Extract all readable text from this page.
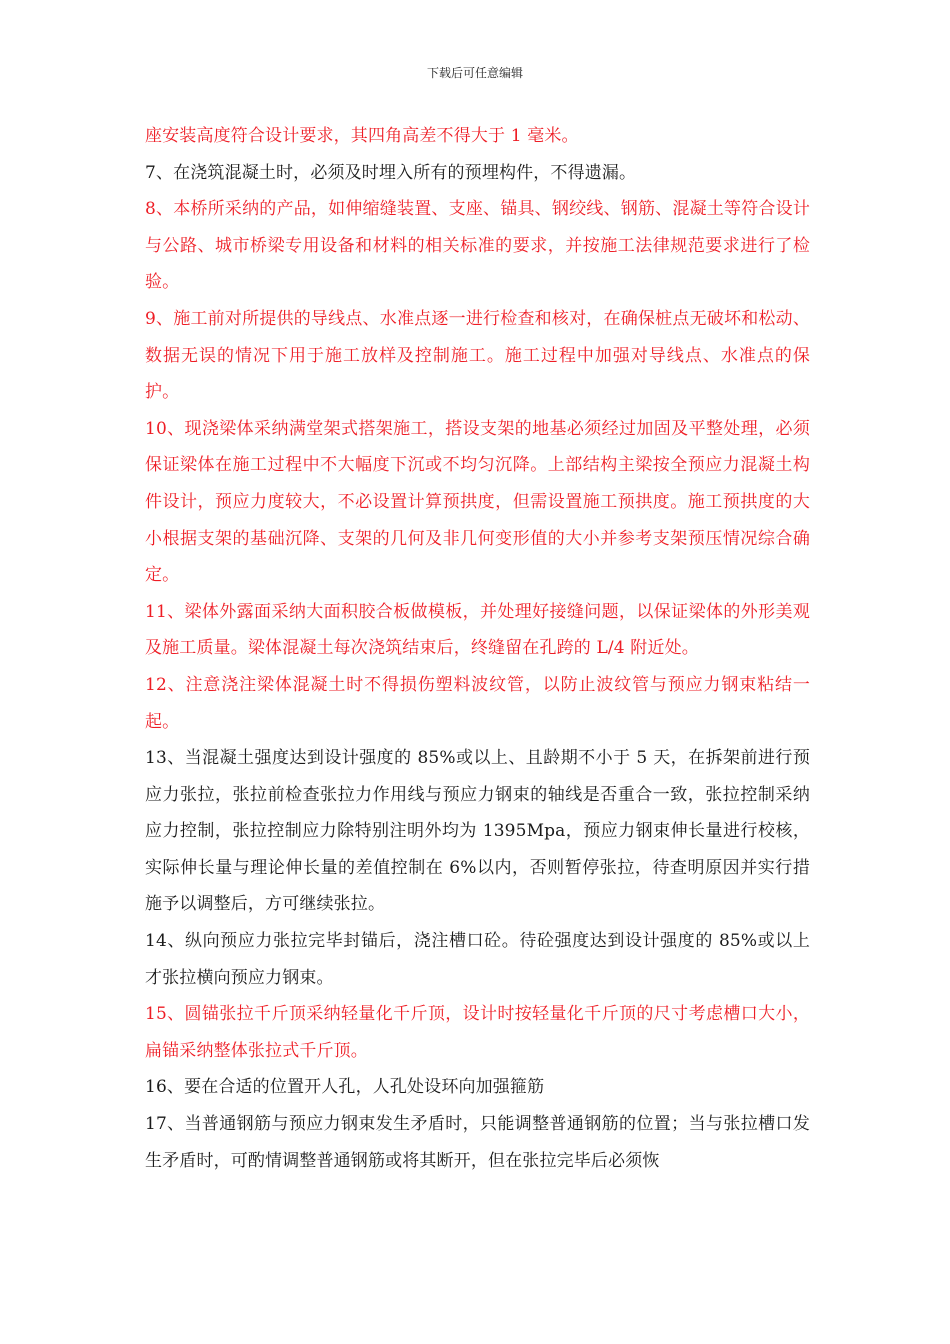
下载后可任意编辑

座安装高度符合设计要求，其四角高差不得大于 1 毫米。

7、在浇筑混凝土时，必须及时埋入所有的预埋构件，不得遗漏。

8、本桥所采纳的产品，如伸缩缝装置、支座、锚具、钢绞线、钢筋、混凝土等符合设计与公路、城市桥梁专用设备和材料的相关标准的要求，并按施工法律规范要求进行了检验。

9、施工前对所提供的导线点、水准点逐一进行检查和核对，在确保桩点无破坏和松动、数据无误的情况下用于施工放样及控制施工。施工过程中加强对导线点、水准点的保护。

10、现浇梁体采纳满堂架式搭架施工，搭设支架的地基必须经过加固及平整处理，必须保证梁体在施工过程中不大幅度下沉或不均匀沉降。上部结构主梁按全预应力混凝土构件设计，预应力度较大，不必设置计算预拱度，但需设置施工预拱度。施工预拱度的大小根据支架的基础沉降、支架的几何及非几何变形值的大小并参考支架预压情况综合确定。

11、梁体外露面采纳大面积胶合板做模板，并处理好接缝问题，以保证梁体的外形美观及施工质量。梁体混凝土每次浇筑结束后，终缝留在孔跨的 L/4 附近处。

12、注意浇注梁体混凝土时不得损伤塑料波纹管，以防止波纹管与预应力钢束粘结一起。

13、当混凝土强度达到设计强度的 85%或以上、且龄期不小于 5 天，在拆架前进行预应力张拉，张拉前检查张拉力作用线与预应力钢束的轴线是否重合一致，张拉控制采纳应力控制，张拉控制应力除特别注明外均为 1395Mpa，预应力钢束伸长量进行校核，实际伸长量与理论伸长量的差值控制在 6%以内，否则暂停张拉，待查明原因并实行措施予以调整后，方可继续张拉。

14、纵向预应力张拉完毕封锚后，浇注槽口砼。待砼强度达到设计强度的 85%或以上才张拉横向预应力钢束。

15、圆锚张拉千斤顶采纳轻量化千斤顶，设计时按轻量化千斤顶的尺寸考虑槽口大小，扁锚采纳整体张拉式千斤顶。

16、要在合适的位置开人孔，人孔处设环向加强箍筋

17、当普通钢筋与预应力钢束发生矛盾时，只能调整普通钢筋的位置；当与张拉槽口发生矛盾时，可酌情调整普通钢筋或将其断开，但在张拉完毕后必须恢
